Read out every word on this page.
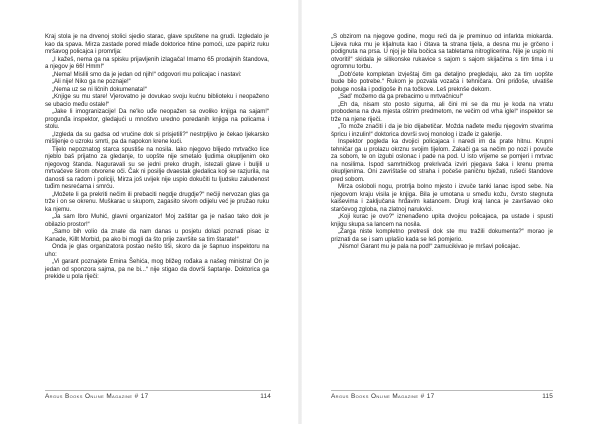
Kraj stola je na drvenoj stolici sjedio starac, glave spuštene na grudi. Izgledalo je kao da spava. Mirza zastade pored mlađe doktorice htine pomoći, uze papiriz ruku mršavog policajca i promrlja:

„I kažeš, nema ga na spisku prijavljenih izlagača! Imamo 65 prodajnih štandova, a njegov je 66! Hmm!“

„Nema! Mislili smo da je jedan od njih!“ odgovori mu policajac i nastavi:

„Ali nije! Niko ga ne poznaje!“

„Nema uz se ni ličnih dokumenata!“

„Knjige su mu stare! Vjerovatno je dovukao svoju kućnu biblioteku i neopaženo se ubacio među ostale!“

„Jake li imogranizacije! Da ne'ko uđe neopažen sa ovoliko knjiga na sajam!“ progunđa inspektor, gledajući u mnoštvo uredno poredanih knjiga na policama i stolu.

„Izgleda da su gadsa od vrućine dok si prisjetili?“ nestrpljivo je čekao ljekarsko mišljenje o uzroku smrti, pa da napokon krene kući.

Tijelo nepoznatog starca spustiše na nosila. Iako njegovo blijedo mrtvačko lice njeblo baš prijatno za gledanje, to uopšte nije smetalo ljudima okupljenim oko njegovog štanda. Naguravali su se jedni preko drugih, istezali glave i buljili u mrtvačeve širom otvorene oči. Čak ni posilje dvaestak gledalica koji se razjurila, na danosti sa radom i policiji, Mirza još uvijek nije uspio dokučiti tu ljudsku zaludenost tuđim nesrećama i smrću.

„Možete li ga prekriti nečim ili prebaciti negdje drugdje?“ nečiji nervozan glas ga trže i on se okrenu. Muškarac u skupom, zagasito sivom odijelu već je pružao ruku ka njemu.

„Ja sam Ibro Muhić, glavni organizator! Moj zaštitar ga je našao tako dok je obilazio prostor!“

„Samo bih volio da znate da nam danas u posjetu dolazi poznati pisac iz Kanade, Killt Morbid, pa ako bi mogli da što prije završite sa tim štarate!“

Onda je glas organizatora postao nešto tiši, skoro da je šapnuo inspektoru na uho:

„Vi garant poznajete Emina Šehića, mog bližeg rođaka a našeg ministra! On je jedan od sponzora sajma, pa ne bi...“ nije stigao da dovrši šaptanje. Doktorica ga prekide u pola riječi:

Argus Books Online Magazine # 17	114

„S obzirom na njegove godine, mogu reći da je preminuo od infarkta miokarda. Lijeva ruka mu je kljalnuta kao i čitava ta strana tijela, a desna mu je grčeno i podignuta na prsa. U njoj je bila bočica sa tabletama nitroglicerina. Nije je uspio ni otvoriti!“ skidala je silikonske rukavice s sajom s sajom skijačima s tim tima i u ogromnu torbu.

„Dob'ćete kompletan izvještaj čim ga detaljno pregledaju, ako za tim uopšte bude bilo potrebe.“ Rukom je pozvala vozača i tehničara. Oni priđoše, ulvatiše poluge nosila i podigoše ih na točkove. Leš preknše dekom.

„Sad' možemo da ga prebacimo u mrtvačnicu!“

„Eh da, nisam sto posto sigurna, ali čini mi se da mu je koda na vratu probodena na dva mjesta oštrim predmetom, ne večim od vrha igle!“ inspektor se trže na njene riječi.

„To može značiti i da je bio dijabetičar. Možda nađete među njegovim stvarima špricu i inzulin!“ doktorica dovrši svoj monolog i izađe iz galerije.

Inspektor pogleda ka dvojici policajaca i naredi im da prate hitnu. Krupni tehničar ga u prolazu okrznu svojim tijelom. Zakači ga sa nečim po nozi i povuče za sobom, te on izgubi oslonac i pade na pod. U isto vrijeme se pomjeri i mrtvac na nosilima. Ispod samrtničkog prekrivača izviri pjegava šaka i krenu prema okupljenima. Oni zavrištaše od straha i počeše paničnu bježati, rušeći štandove pred sobom.

Mirza osloboli nogu, protrlja bolno mjesto i izvuče tanki lanac ispod sebe. Na njegovom kraju visila je knjiga. Bila je umotana u smeđu kožu, čvrsto stegnuta kaiševima i zaključana hrđavim katancem. Drugi kraj lanca je završavao oko starčevog zgloba, na zlatnoj narukvici.

„Koji kurac je ovo?“ iznenađeno upita dvojicu policajaca, pa ustade i spusti knjigu skupa sa lancem na nosila.

„Zarga niste kompletno pretresli dok ste mu tražili dokumenta?“ morao je priznati da se i sam uplašio kada se leš pomjerio.

„Nismo! Garant mu je pala na pod!“ zamucikivao je mršavi policajac.

Argus Books Online Magazine # 17	115
